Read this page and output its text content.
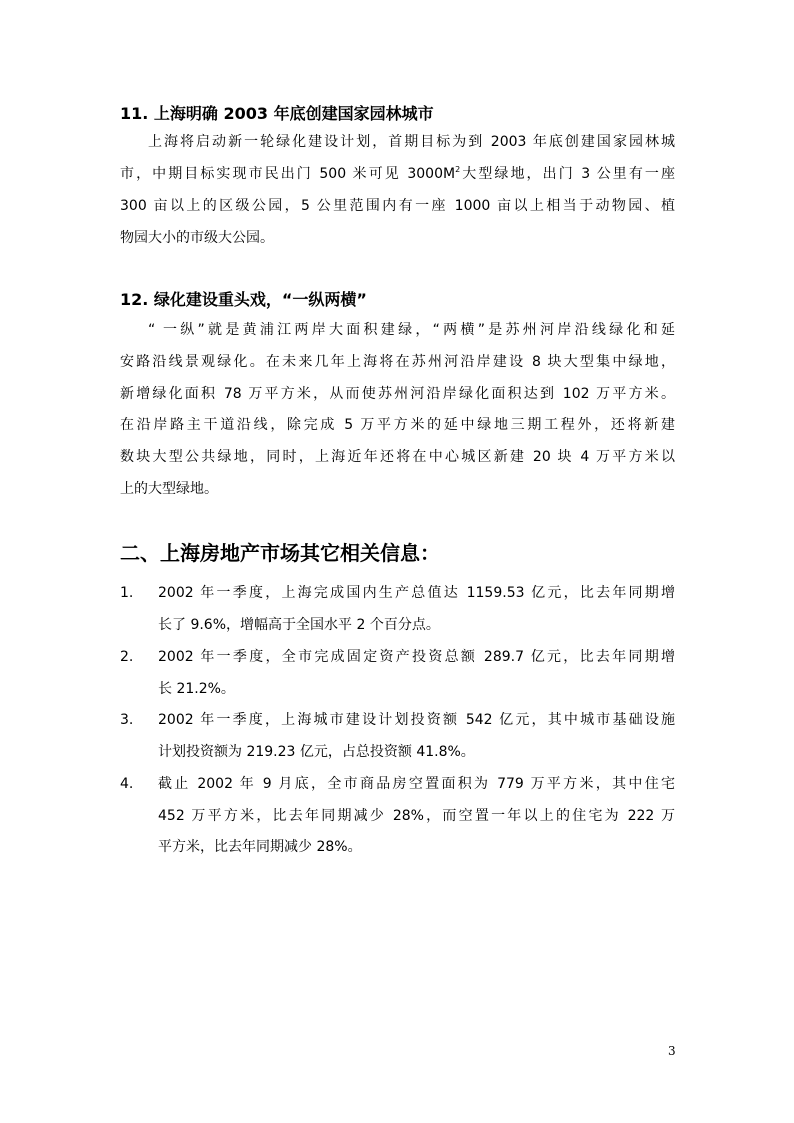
11. 上海明确 2003 年底创建国家园林城市
上海将启动新一轮绿化建设计划，首期目标为到 2003 年底创建国家园林城
市，中期目标实现市民出门 500 米可见 $3000M^2$大型绿地，出门 3 公里有一座
300 亩以上的区级公园，5 公里范围内有一座 1000 亩以上相当于动物园、植
物园大小的市级大公园。
12. 绿化建设重头戏，“一纵两横”
“ 一纵”就是黄浦江两岸大面积建绿，“两横”是苏州河岸沿线绿化和延
安路沿线景观绿化。在未来几年上海将在苏州河沿岸建设 8 块大型集中绿地，
新增绿化面积 78 万平方米，从而使苏州河沿岸绿化面积达到 102 万平方米。
在沿岸路主干道沿线，除完成 5 万平方米的延中绿地三期工程外，还将新建
数块大型公共绿地，同时，上海近年还将在中心城区新建 20 块 4 万平方米以
上的大型绿地。
二、上海房地产市场其它相关信息：
1. 2002 年一季度，上海完成国内生产总值达 1159.53 亿元，比去年同期增
长了 9.6%，增幅高于全国水平 2 个百分点。
2. 2002 年一季度，全市完成固定资产投资总额 289.7 亿元，比去年同期增
长 21.2%。
3. 2002 年一季度，上海城市建设计划投资额 542 亿元，其中城市基础设施
计划投资额为 219.23 亿元，占总投资额 41.8%。
4. 截止 2002 年 9 月底，全市商品房空置面积为 779 万平方米，其中住宅
452 万平方米，比去年同期减少 28%，而空置一年以上的住宅为 222 万
平方米，比去年同期减少 28%。
3
